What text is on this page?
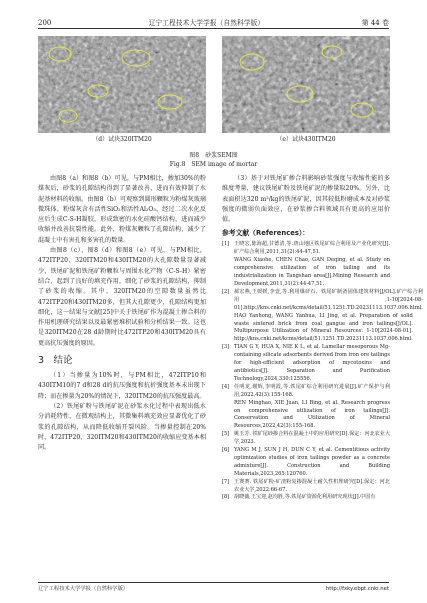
200	辽宁工程技术大学学报（自然科学版）	第 44 卷
（d）试块320ITM20	（e）试块430ITM20
图8　砂浆SEM图
Fig.8　SEM image of mortar

由图8（a）和图8（b）可见，与PM相比，掺加30%的粉煤灰后，砂浆的孔隙结构得到了显著改善，进而有效抑制了水泥基材料的收缩。由图8（b）可观察到圆形颗粒为粉煤灰玻璃微珠体，粉煤灰含有活性SiO₂和活性Al₂O₃，经过二次水化反应后生成C-S-H凝胶，形成致密的水化硅酸钙结构，进而减少收缩并改善抗裂性能。此外，粉煤灰颗粒了孔隙结构，减少了混凝土中有害孔和多害孔的数量。

由图8（c）、图8（d）和图8（e）可见，与PM相比，472ITP20、320ITM20和430ITM20的大孔隙数量显著减少，铁尾矿泥和铁尾矿粉颗粒与周围水化产物（C-S-H）紧密结合，起到了良好的填充作用，细化了砂浆的孔隙结构，抑制了砂浆的收缩。其中，320ITM20的空隙数量虽然比472ITP20和430ITM20多，但其大孔隙更少，孔隙结构更加细化，这一结果与文献[25]中关于铁尾矿作为混凝土掺合料的作用机理研究结果以及最紧密堆积试验和分析结果一致。这也是320ITM20在28 d龄期时比472ITP20和430ITM20具有更高抗压强度的原因。

3　结论

（1）当掺量为10%时，与PM相比，472ITP10和430ITM10的7 d和28 d的抗压强度和抗折强度基本未出现下降；而在掺量为20%的情况下，320ITM20的抗压强度最高。

（2）铁尾矿粉与铁尾矿泥在砂浆水化过程中表现出低水分消耗特性，在微观结构上，其微集料填充效应显著优化了砂浆的孔隙结构，从而降低收缩开裂风险。当掺量控制在20%时，472ITP20、320ITM20和430ITM20的收缩应变基本相同。

（3）基于对铁尾矿掺合料影响砂浆强度与收缩性能的多维度考量，建议铁尾矿粉及铁尾矿泥的掺量取20%。另外，比表面积达320 m²/kg的铁尾矿泥，因其较低粉磨成本及对砂浆强度的微弱负面效应，在砂浆掺合料领域具有更高的应用价值。

参考文献（References）：
[1] 王晓宏,陈海超,甘德清,等.唐山地区铁尾矿综合利用及产业化研究[J].矿产综合利用,2011,31(2):44-47,51.
WANG Xiaohe, CHEN Chao, GAN Deqing, et al. Study on comprehensive utilization of iron tailing and its industrialization in Tangshan area[J].Mining Research and Development,2011,31(2):44-47,51.
[2] 郝宏燕,王媛媛,李壹,等.利用煤矸石、铁尾矿制备固体建筑材料[J/OL].矿产综合利用,1-10[2024-08-01].http://kns.cnki.net/kcms/detail/51.1251.TD.20231113.1037.006.html.
HAO Yanhong, WANG Yanhua, LI Jing, et al. Preparation of solid waste sintered brick from coal gangue and iron tailings[J/OL]. Multipurpose Utilization of Mineral Resources: 1-10[2024-08-01]. http://kns.cnki.net/kcms/detail/51.1251.TD.20231113.1037.006.html.
[3] TIAN G Y, HUA X, NIE K L, et al. Lamellar mesoporous Mg-containing silicate adsorbents derived from iron ore tailings for high-efficient adsorption of mycotoxins and antibiotics[J]. Separation and Purification Technology,2024,330:125556.
[4] 任明龙,谢辉,李明霞,等.铁尾矿综合利用研究进展[J].矿产保护与利用,2022,42(3):155-168.
REN Minghao, XIE Juan, LI Bing, et al. Research progress on comprehensive utilization of iron tailings[J]. Conservation and Utilization of Mineral Resources,2022,42(3):155-168.
[5] 姚玉芳. 铁矿尾砂掺合料在混凝土中的应用研究[D].保定：河北农业大学,2023.
[6] YANG M J, SUN J H, DUN C Y, et al. Cementitious activity optimization studies of iron tailings powder as a concrete admixture[J]. Construction and Building Materials,2023,265:120760.
[7] 王赛赛. 铁尾矿粉-矿渣粉复掺混凝土耐久性机理研究[D].保定：河北农业大学,2022:66-67.
[8] 胡晓薇,王宝迎,赵均胜,等.铁尾矿资源化利用研究现状[J].中国有
辽宁工程技术大学学报（自然科学版）	http://fxky.ebpt.cnki.net
